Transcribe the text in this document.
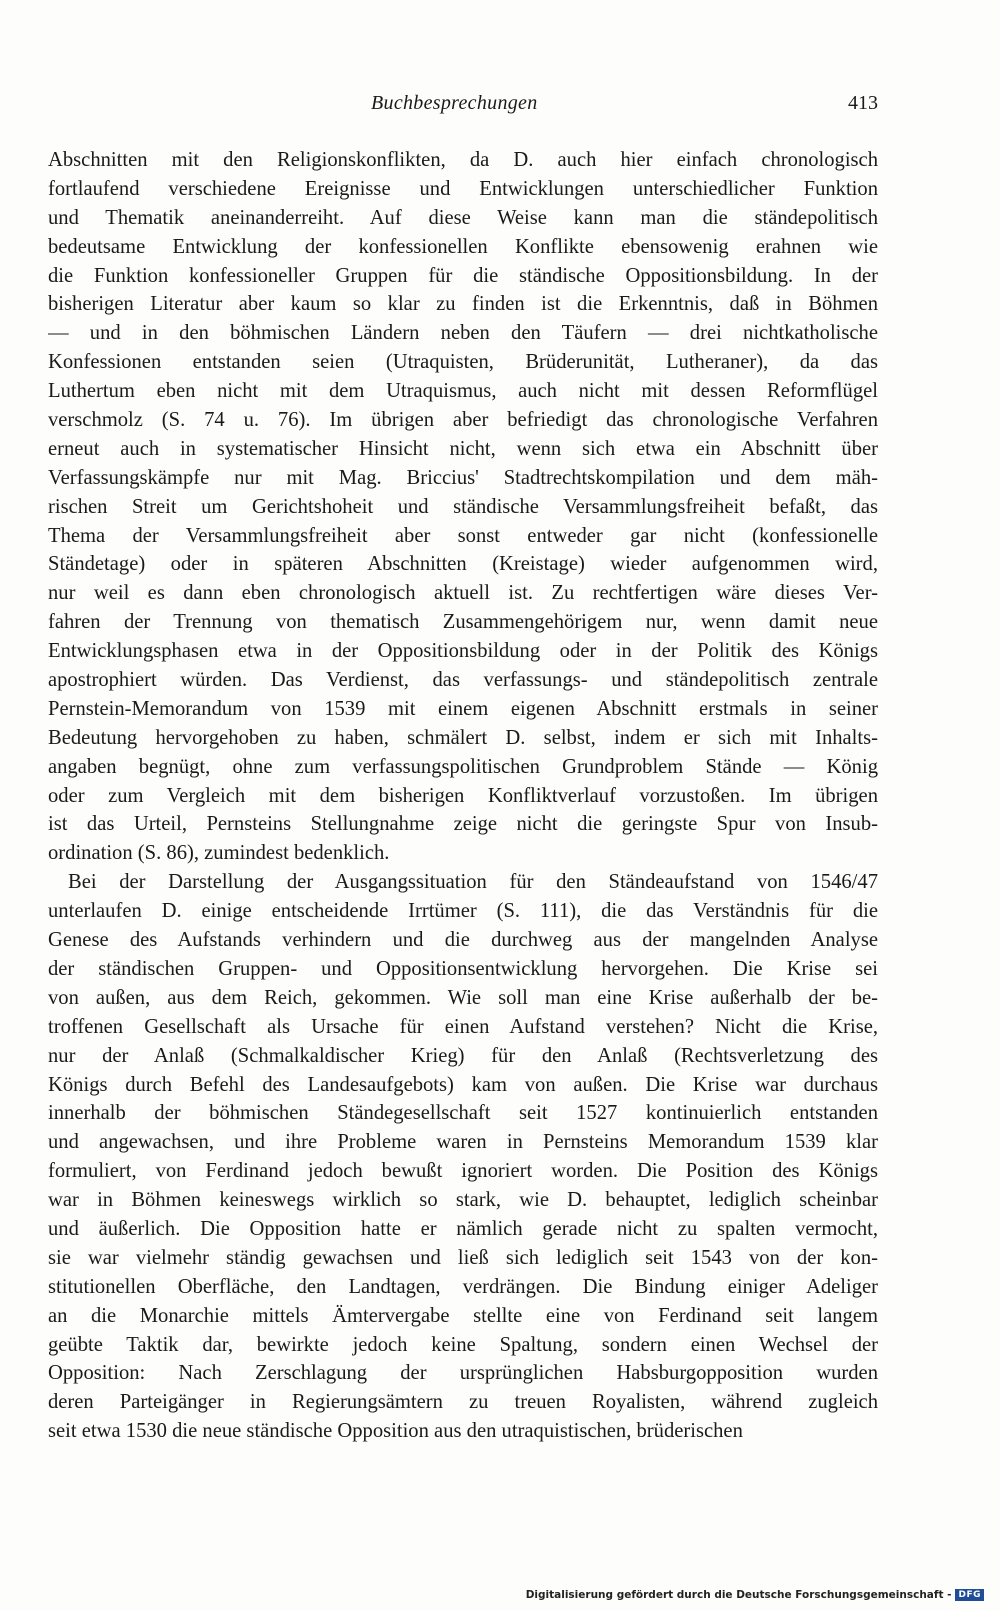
Buchbesprechungen	413
Abschnitten mit den Religionskonflikten, da D. auch hier einfach chronologisch
fortlaufend verschiedene Ereignisse und Entwicklungen unterschiedlicher Funktion
und Thematik aneinanderreiht. Auf diese Weise kann man die ständepolitisch
bedeutsame Entwicklung der konfessionellen Konflikte ebensowenig erahnen wie
die Funktion konfessioneller Gruppen für die ständische Oppositionsbildung. In der
bisherigen Literatur aber kaum so klar zu finden ist die Erkenntnis, daß in Böhmen
— und in den böhmischen Ländern neben den Täufern — drei nichtkatholische
Konfessionen entstanden seien (Utraquisten, Brüderunität, Lutheraner), da das
Luthertum eben nicht mit dem Utraquismus, auch nicht mit dessen Reformflügel
verschmolz (S. 74 u. 76). Im übrigen aber befriedigt das chronologische Verfahren
erneut auch in systematischer Hinsicht nicht, wenn sich etwa ein Abschnitt über
Verfassungskämpfe nur mit Mag. Briccius' Stadtrechtskompilation und dem mäh-
rischen Streit um Gerichtshoheit und ständische Versammlungsfreiheit befaßt, das
Thema der Versammlungsfreiheit aber sonst entweder gar nicht (konfessionelle
Ständetage) oder in späteren Abschnitten (Kreistage) wieder aufgenommen wird,
nur weil es dann eben chronologisch aktuell ist. Zu rechtfertigen wäre dieses Ver-
fahren der Trennung von thematisch Zusammengehörigem nur, wenn damit neue
Entwicklungsphasen etwa in der Oppositionsbildung oder in der Politik des Königs
apostrophiert würden. Das Verdienst, das verfassungs- und ständepolitisch zentrale
Pernstein-Memorandum von 1539 mit einem eigenen Abschnitt erstmals in seiner
Bedeutung hervorgehoben zu haben, schmälert D. selbst, indem er sich mit Inhalts-
angaben begnügt, ohne zum verfassungspolitischen Grundproblem Stände — König
oder zum Vergleich mit dem bisherigen Konfliktverlauf vorzustoßen. Im übrigen
ist das Urteil, Pernsteins Stellungnahme zeige nicht die geringste Spur von Insub-
ordination (S. 86), zumindest bedenklich.
Bei der Darstellung der Ausgangssituation für den Ständeaufstand von 1546/47
unterlaufen D. einige entscheidende Irrtümer (S. 111), die das Verständnis für die
Genese des Aufstands verhindern und die durchweg aus der mangelnden Analyse
der ständischen Gruppen- und Oppositionsentwicklung hervorgehen. Die Krise sei
von außen, aus dem Reich, gekommen. Wie soll man eine Krise außerhalb der be-
troffenen Gesellschaft als Ursache für einen Aufstand verstehen? Nicht die Krise,
nur der Anlaß (Schmalkaldischer Krieg) für den Anlaß (Rechtsverletzung des
Königs durch Befehl des Landesaufgebots) kam von außen. Die Krise war durchaus
innerhalb der böhmischen Ständegesellschaft seit 1527 kontinuierlich entstanden
und angewachsen, und ihre Probleme waren in Pernsteins Memorandum 1539 klar
formuliert, von Ferdinand jedoch bewußt ignoriert worden. Die Position des Königs
war in Böhmen keineswegs wirklich so stark, wie D. behauptet, lediglich scheinbar
und äußerlich. Die Opposition hatte er nämlich gerade nicht zu spalten vermocht,
sie war vielmehr ständig gewachsen und ließ sich lediglich seit 1543 von der kon-
stitutionellen Oberfläche, den Landtagen, verdrängen. Die Bindung einiger Adeliger
an die Monarchie mittels Ämtervergabe stellte eine von Ferdinand seit langem
geübte Taktik dar, bewirkte jedoch keine Spaltung, sondern einen Wechsel der
Opposition: Nach Zerschlagung der ursprünglichen Habsburgopposition wurden
deren Parteigänger in Regierungsämtern zu treuen Royalisten, während zugleich
seit etwa 1530 die neue ständische Opposition aus den utraquistischen, brüderischen
Digitalisierung gefördert durch die Deutsche Forschungsgemeinschaft - DFG
